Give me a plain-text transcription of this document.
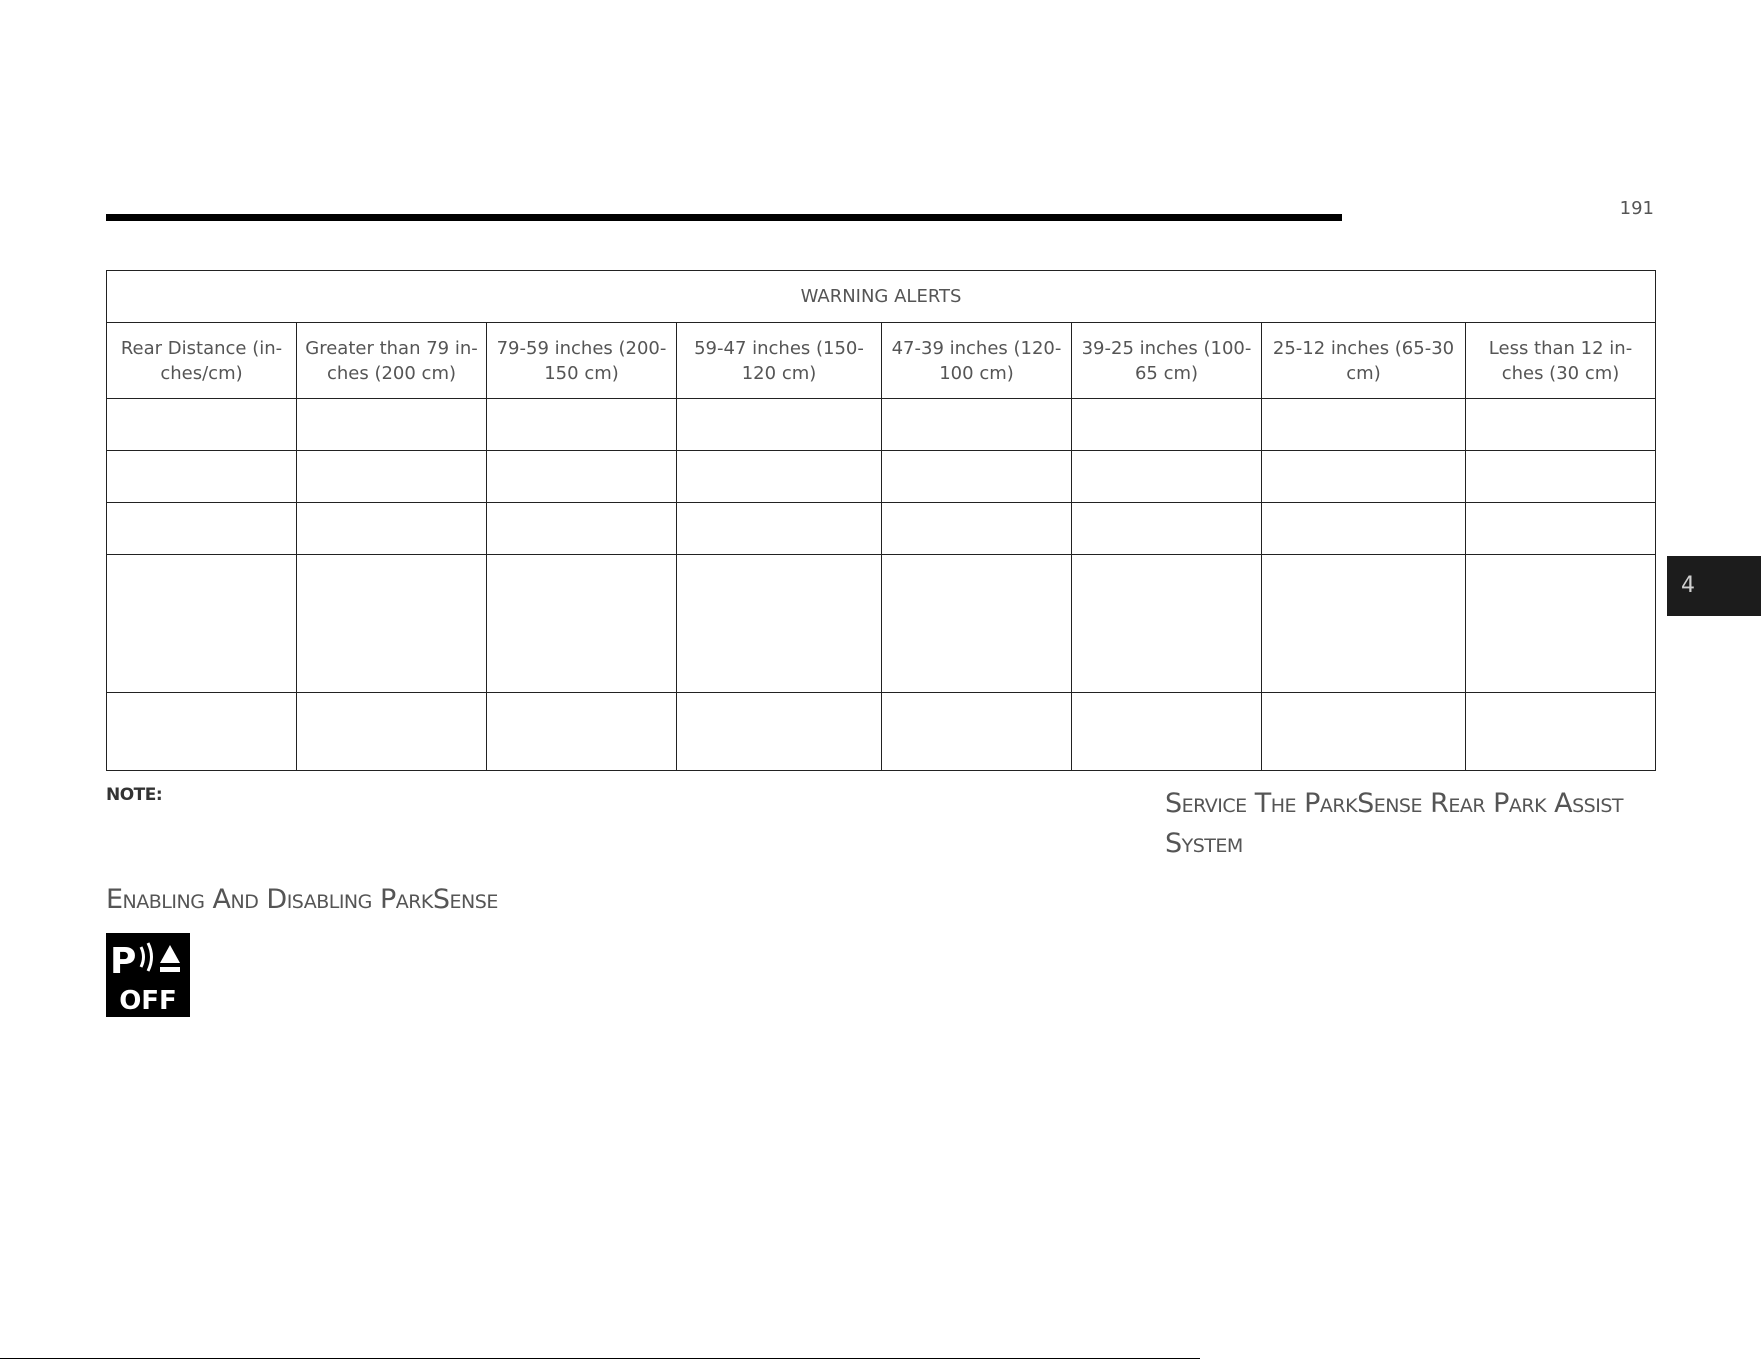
191
4
WARNING ALERTS							
Rear Distance (in- ches/cm)	Greater than 79 in- ches (200 cm)	79-59 inches (200-150 cm)	59-47 inches (150-120 cm)	47-39 inches (120-100 cm)	39-25 inches (100-65 cm)	25-12 inches (65-30 cm)	Less than 12 in- ches (30 cm)

NOTE:	Service The ParkSense Rear Park Assist System
Enabling And Disabling ParkSense
P
OFF
